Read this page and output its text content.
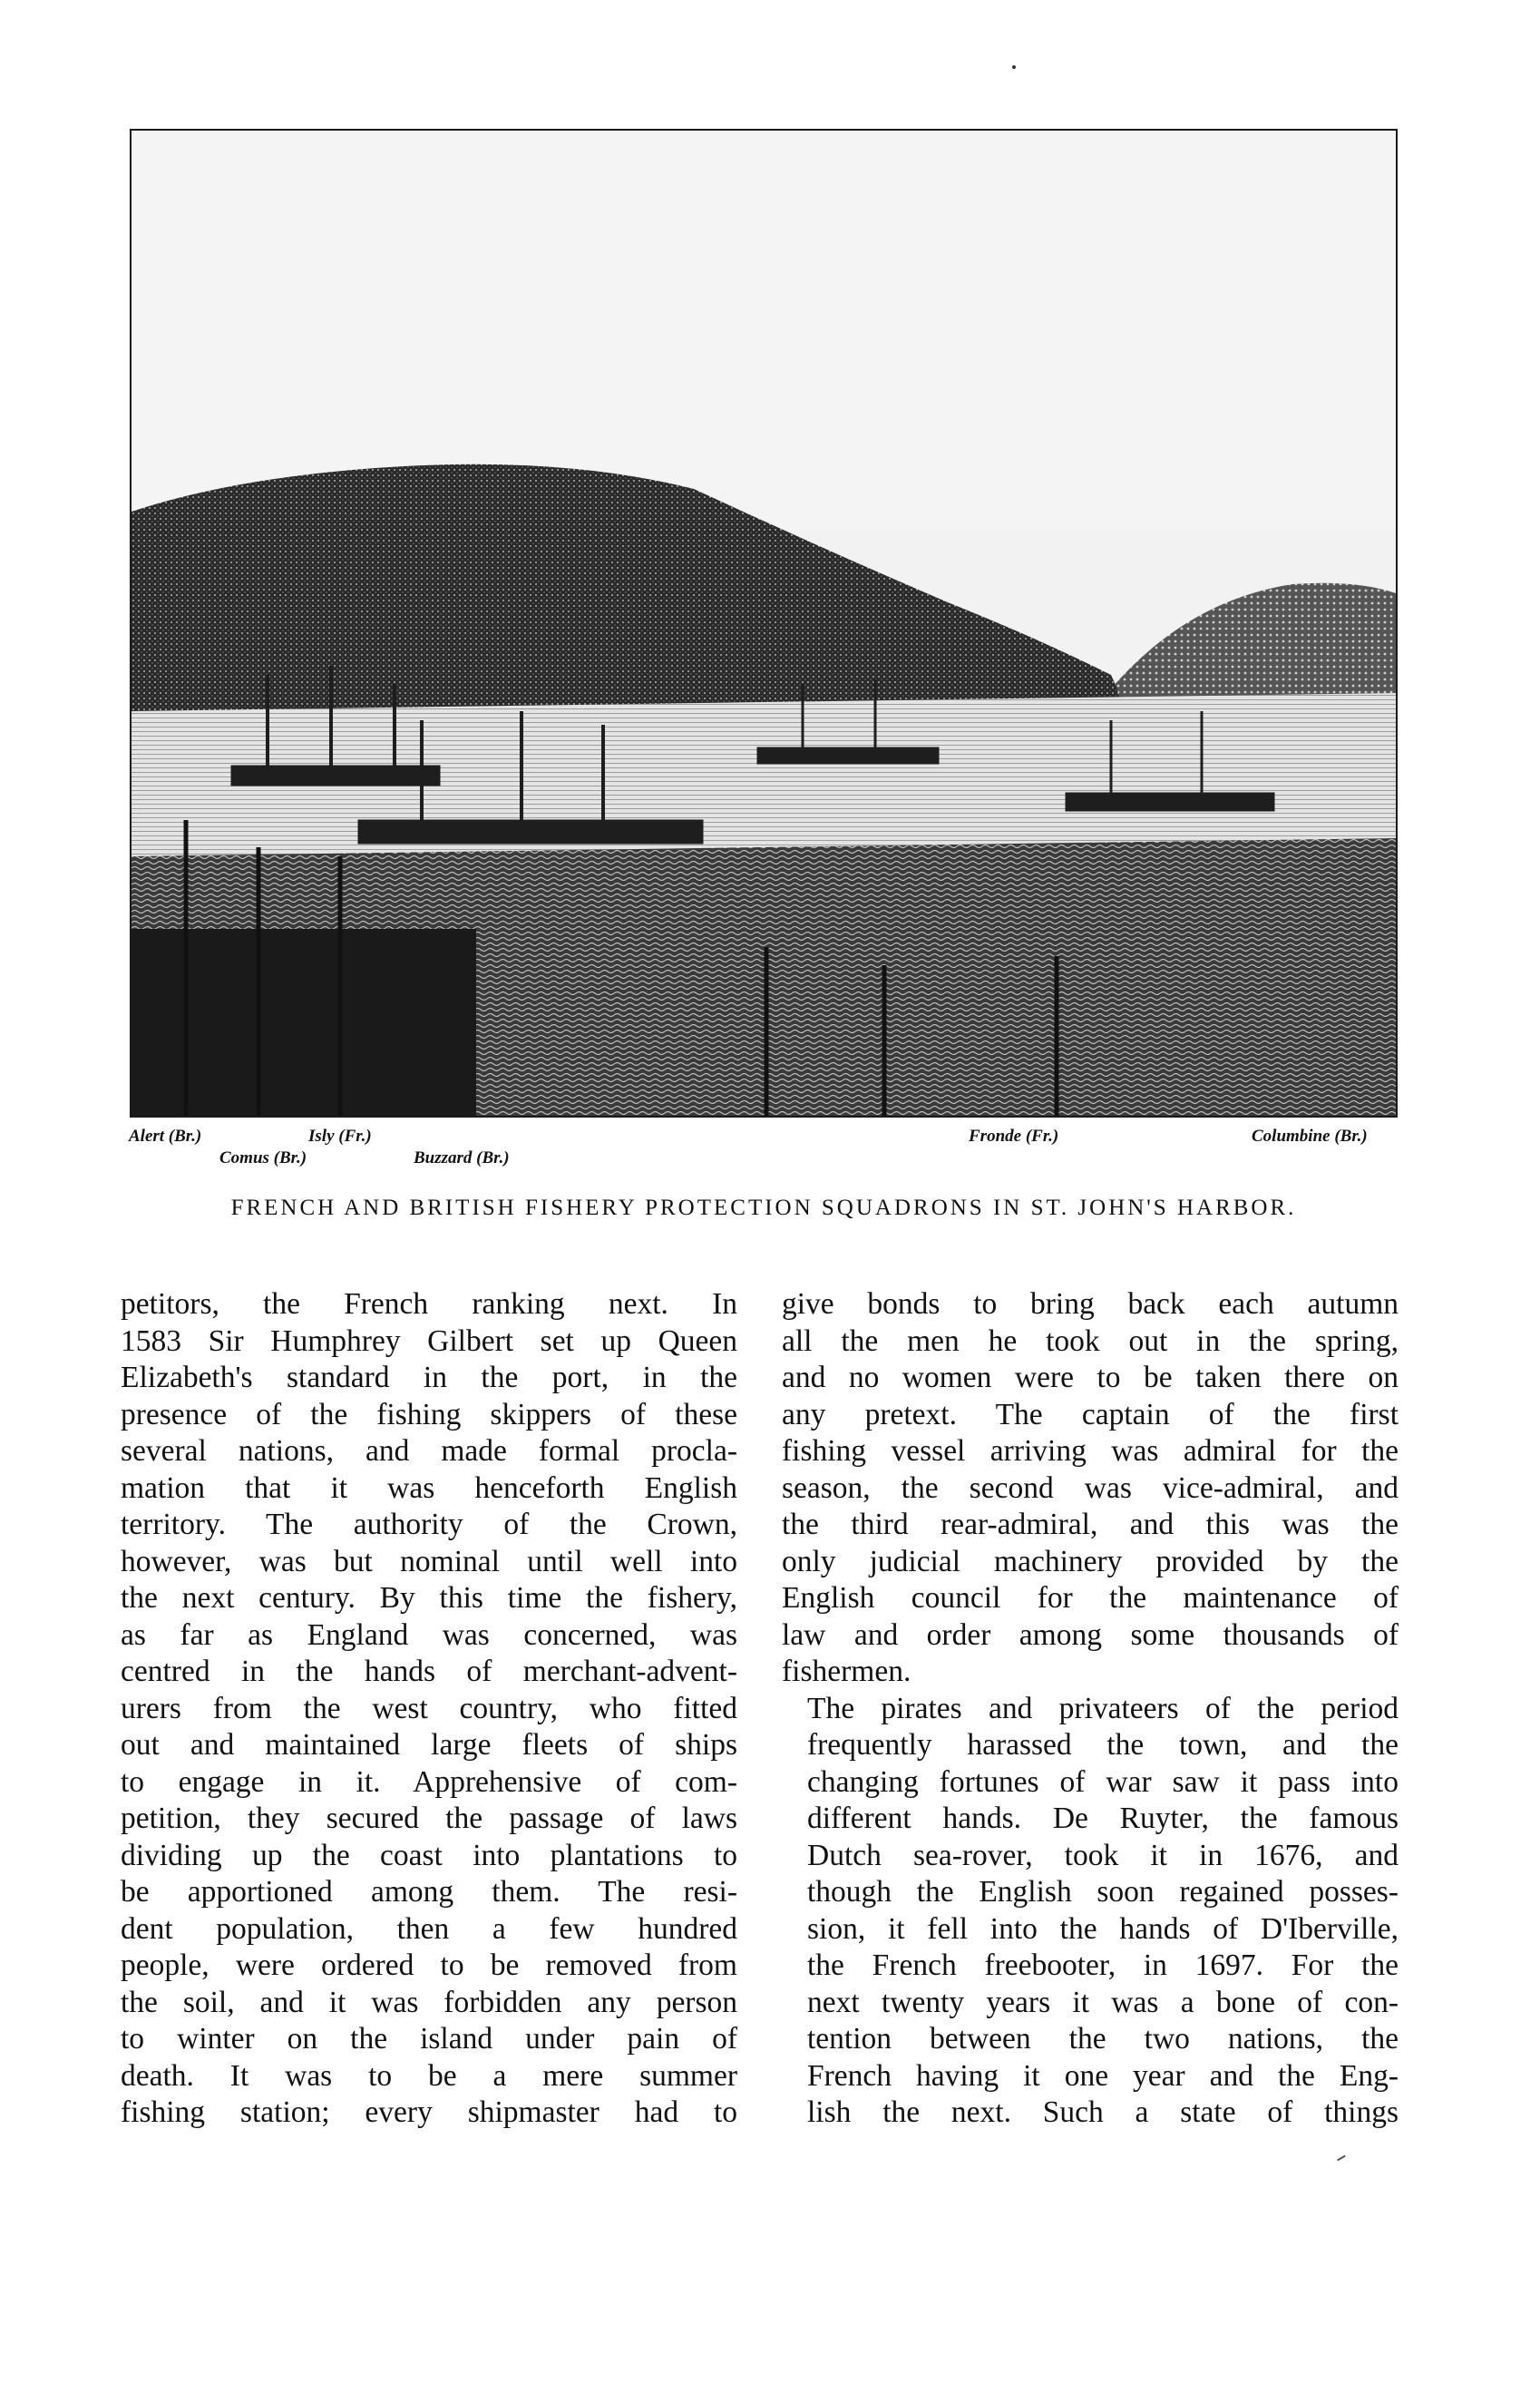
Alert (Br.)	Isly (Fr.)
Comus (Br.)	Buzzard (Br.)
Fronde (Fr.)	Columbine (Br.)
FRENCH AND BRITISH FISHERY PROTECTION SQUADRONS IN ST. JOHN'S HARBOR.

petitors, the French ranking next. In
1583 Sir Humphrey Gilbert set up Queen
Elizabeth's standard in the port, in the
presence of the fishing skippers of these
several nations, and made formal procla-
mation that it was henceforth English
territory. The authority of the Crown,
however, was but nominal until well into
the next century. By this time the fishery,
as far as England was concerned, was
centred in the hands of merchant-advent-
urers from the west country, who fitted
out and maintained large fleets of ships
to engage in it. Apprehensive of com-
petition, they secured the passage of laws
dividing up the coast into plantations to
be apportioned among them. The resi-
dent population, then a few hundred
people, were ordered to be removed from
the soil, and it was forbidden any person
to winter on the island under pain of
death. It was to be a mere summer
fishing station; every shipmaster had to

give bonds to bring back each autumn
all the men he took out in the spring,
and no women were to be taken there on
any pretext. The captain of the first
fishing vessel arriving was admiral for the
season, the second was vice-admiral, and
the third rear-admiral, and this was the
only judicial machinery provided by the
English council for the maintenance of
law and order among some thousands of
fishermen.

The pirates and privateers of the period
frequently harassed the town, and the
changing fortunes of war saw it pass into
different hands. De Ruyter, the famous
Dutch sea-rover, took it in 1676, and
though the English soon regained posses-
sion, it fell into the hands of D'Iberville,
the French freebooter, in 1697. For the
next twenty years it was a bone of con-
tention between the two nations, the
French having it one year and the Eng-
lish the next. Such a state of things
